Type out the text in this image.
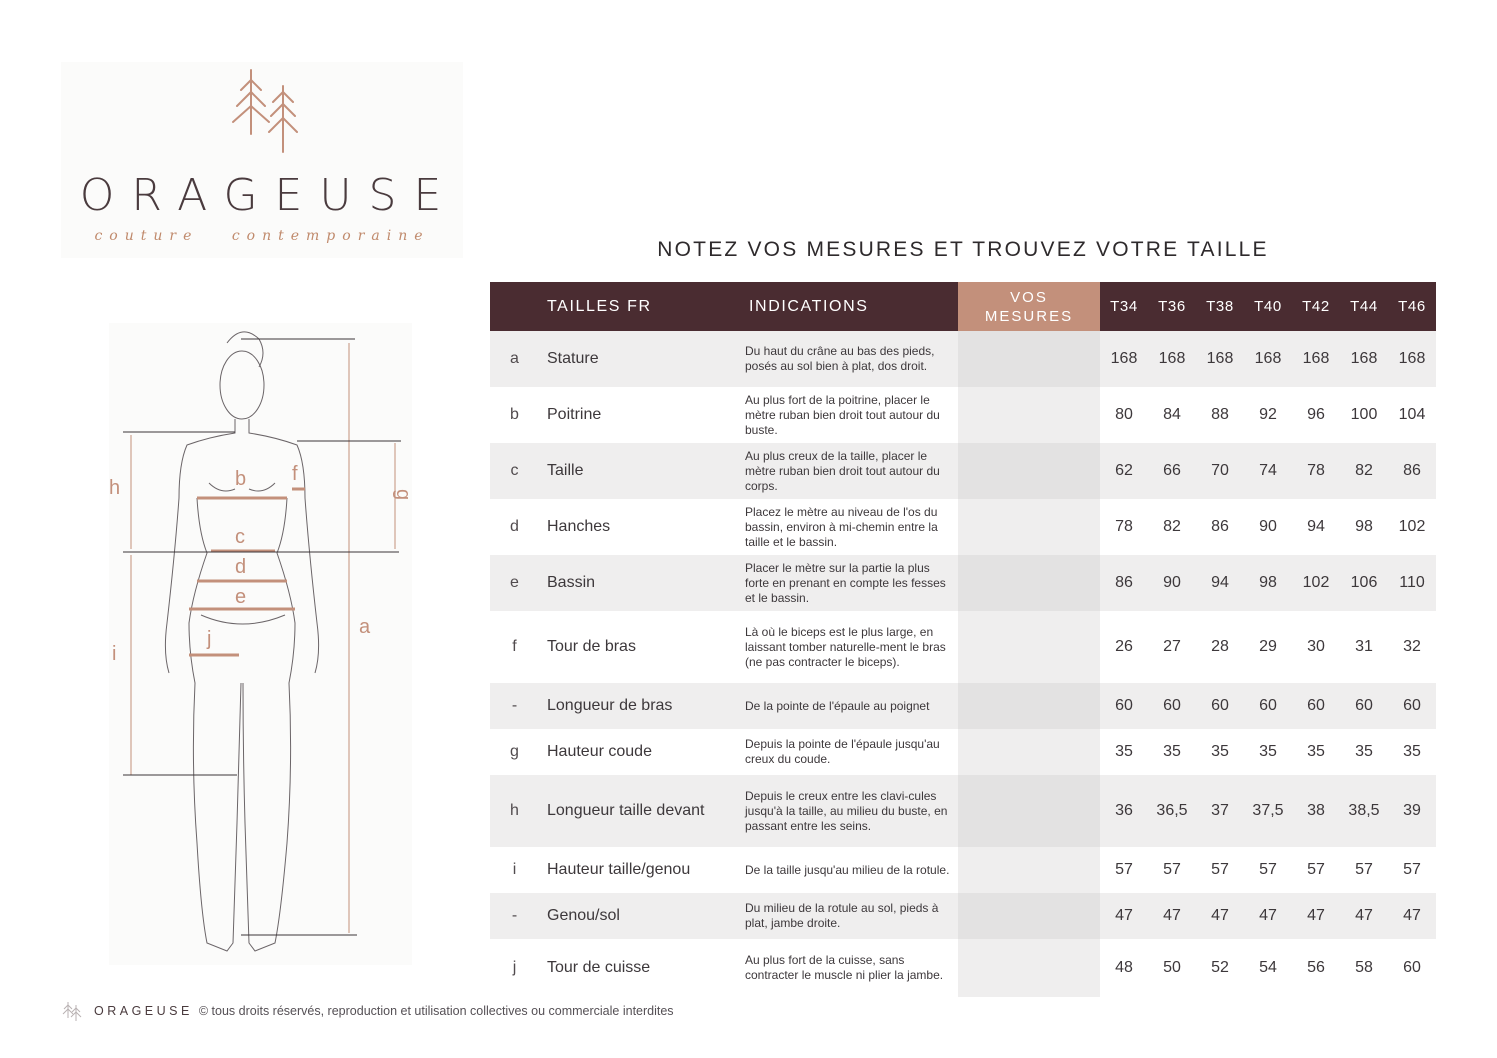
ORAGEUSE
couture contemporaine
a
b
c
d
e
f
g
h
i
j
NOTEZ VOS MESURES ET TROUVEZ VOTRE TAILLE
	TAILLES FR	INDICATIONS	VOS
MESURES	T34	T36	T38	T40	T42	T44	T46
a	Stature	Du haut du crâne au bas des pieds, posés au sol bien à plat, dos droit.		168	168	168	168	168	168	168
b	Poitrine	Au plus fort de la poitrine, placer le mètre ruban bien droit tout autour du buste.		80	84	88	92	96	100	104
c	Taille	Au plus creux de la taille, placer le mètre ruban bien droit tout autour du corps.		62	66	70	74	78	82	86
d	Hanches	Placez le mètre au niveau de l'os du bassin, environ à mi-chemin entre la taille et le bassin.		78	82	86	90	94	98	102
e	Bassin	Placer le mètre sur la partie la plus forte en prenant en compte les fesses et le bassin.		86	90	94	98	102	106	110
f	Tour de bras	Là où le biceps est le plus large, en laissant tomber naturelle-ment le bras (ne pas contracter le biceps).		26	27	28	29	30	31	32
-	Longueur de bras	De la pointe de l'épaule au poignet		60	60	60	60	60	60	60
g	Hauteur coude	Depuis la pointe de l'épaule jusqu'au creux du coude.		35	35	35	35	35	35	35
h	Longueur taille devant	Depuis le creux entre les clavi-cules jusqu'à la taille, au milieu du buste, en passant entre les seins.		36	36,5	37	37,5	38	38,5	39
i	Hauteur taille/genou	De la taille jusqu'au milieu de la rotule.		57	57	57	57	57	57	57
-	Genou/sol	Du milieu de la rotule au sol, pieds à plat, jambe droite.		47	47	47	47	47	47	47
j	Tour de cuisse	Au plus fort de la cuisse, sans contracter le muscle ni plier la jambe.		48	50	52	54	56	58	60
ORAGEUSE © tous droits réservés, reproduction et utilisation collectives ou commerciale interdites
